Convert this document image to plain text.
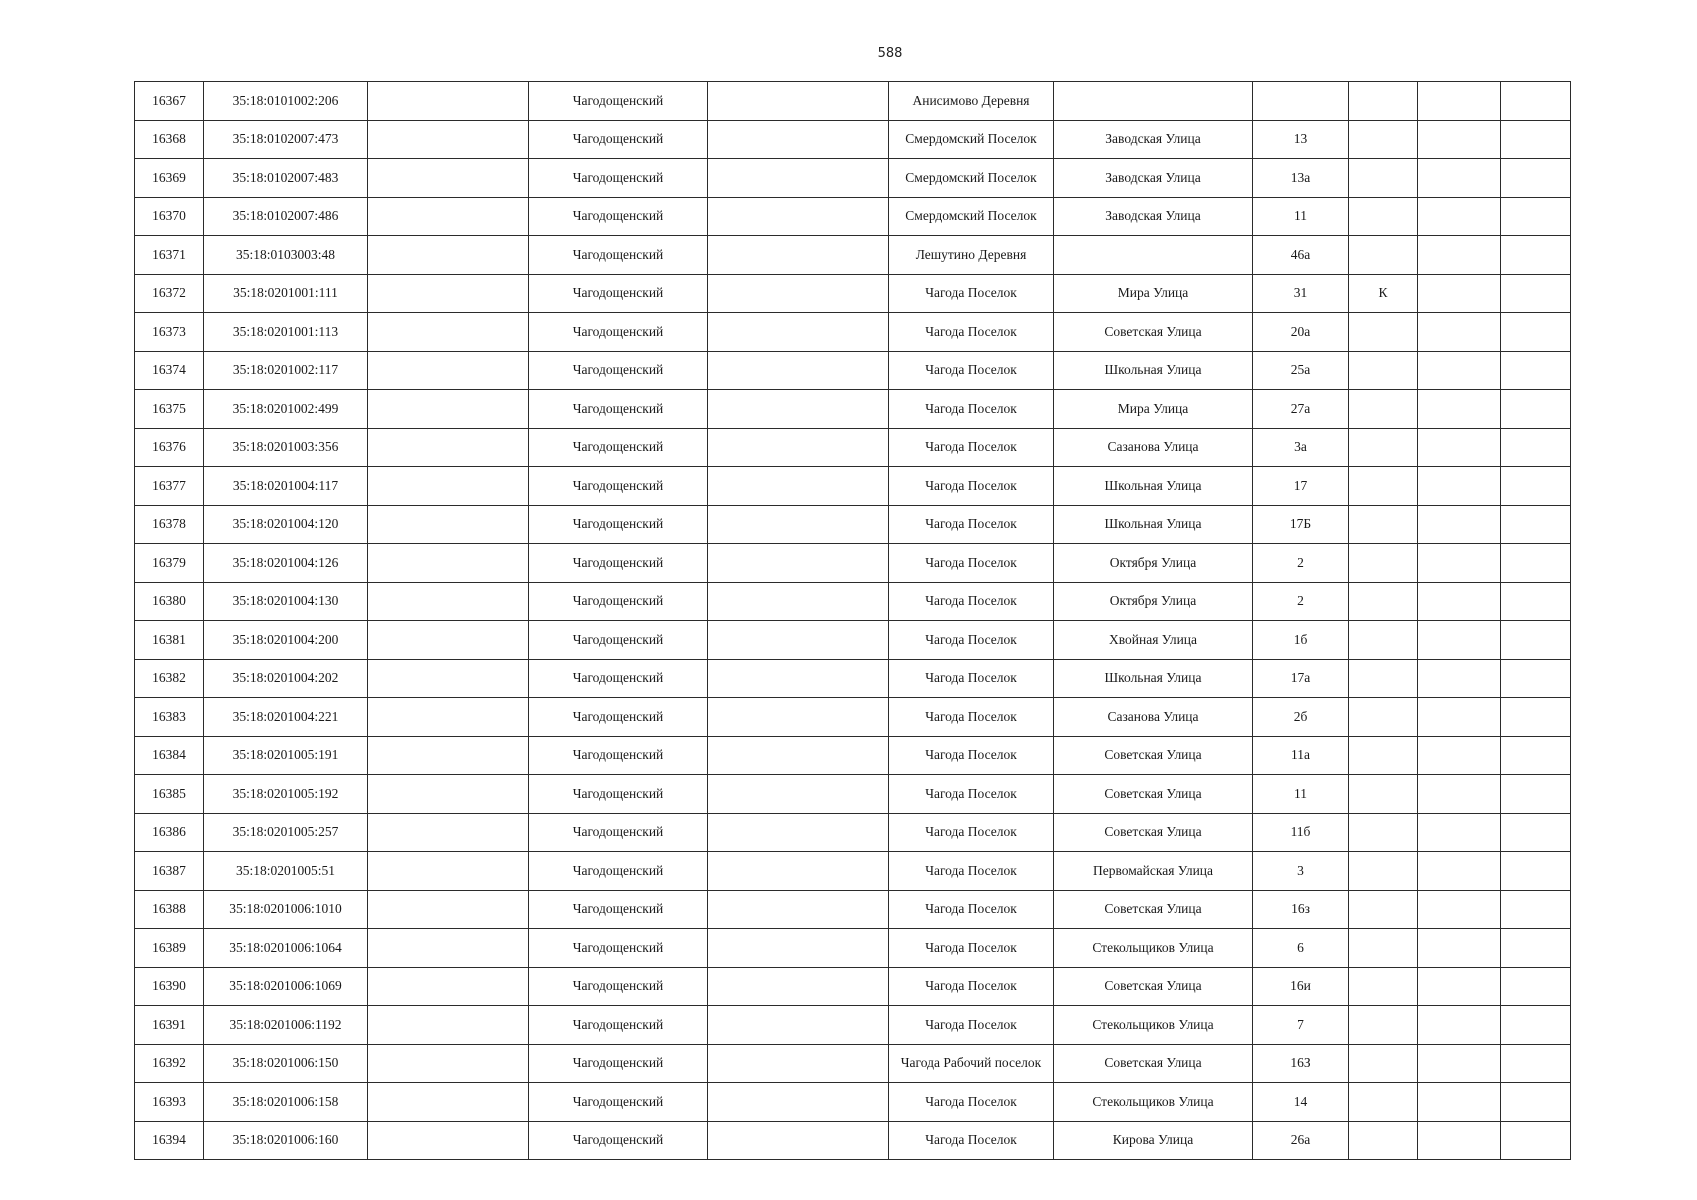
588
16367	35:18:0101002:206		Чагодощенский		Анисимово Деревня					
16368	35:18:0102007:473		Чагодощенский		Смердомский Поселок	Заводская Улица	13			
16369	35:18:0102007:483		Чагодощенский		Смердомский Поселок	Заводская Улица	13а			
16370	35:18:0102007:486		Чагодощенский		Смердомский Поселок	Заводская Улица	11			
16371	35:18:0103003:48		Чагодощенский		Лешутино Деревня		46а			
16372	35:18:0201001:111		Чагодощенский		Чагода Поселок	Мира Улица	31	К		
16373	35:18:0201001:113		Чагодощенский		Чагода Поселок	Советская Улица	20а			
16374	35:18:0201002:117		Чагодощенский		Чагода Поселок	Школьная Улица	25а			
16375	35:18:0201002:499		Чагодощенский		Чагода Поселок	Мира Улица	27а			
16376	35:18:0201003:356		Чагодощенский		Чагода Поселок	Сазанова Улица	3а			
16377	35:18:0201004:117		Чагодощенский		Чагода Поселок	Школьная Улица	17			
16378	35:18:0201004:120		Чагодощенский		Чагода Поселок	Школьная Улица	17Б			
16379	35:18:0201004:126		Чагодощенский		Чагода Поселок	Октября Улица	2			
16380	35:18:0201004:130		Чагодощенский		Чагода Поселок	Октября Улица	2			
16381	35:18:0201004:200		Чагодощенский		Чагода Поселок	Хвойная Улица	1б			
16382	35:18:0201004:202		Чагодощенский		Чагода Поселок	Школьная Улица	17а			
16383	35:18:0201004:221		Чагодощенский		Чагода Поселок	Сазанова Улица	2б			
16384	35:18:0201005:191		Чагодощенский		Чагода Поселок	Советская Улица	11а			
16385	35:18:0201005:192		Чагодощенский		Чагода Поселок	Советская Улица	11			
16386	35:18:0201005:257		Чагодощенский		Чагода Поселок	Советская Улица	11б			
16387	35:18:0201005:51		Чагодощенский		Чагода Поселок	Первомайская Улица	3			
16388	35:18:0201006:1010		Чагодощенский		Чагода Поселок	Советская Улица	16з			
16389	35:18:0201006:1064		Чагодощенский		Чагода Поселок	Стекольщиков Улица	6			
16390	35:18:0201006:1069		Чагодощенский		Чагода Поселок	Советская Улица	16и			
16391	35:18:0201006:1192		Чагодощенский		Чагода Поселок	Стекольщиков Улица	7			
16392	35:18:0201006:150		Чагодощенский		Чагода Рабочий поселок	Советская Улица	16З			
16393	35:18:0201006:158		Чагодощенский		Чагода Поселок	Стекольщиков Улица	14			
16394	35:18:0201006:160		Чагодощенский		Чагода Поселок	Кирова Улица	26а			
